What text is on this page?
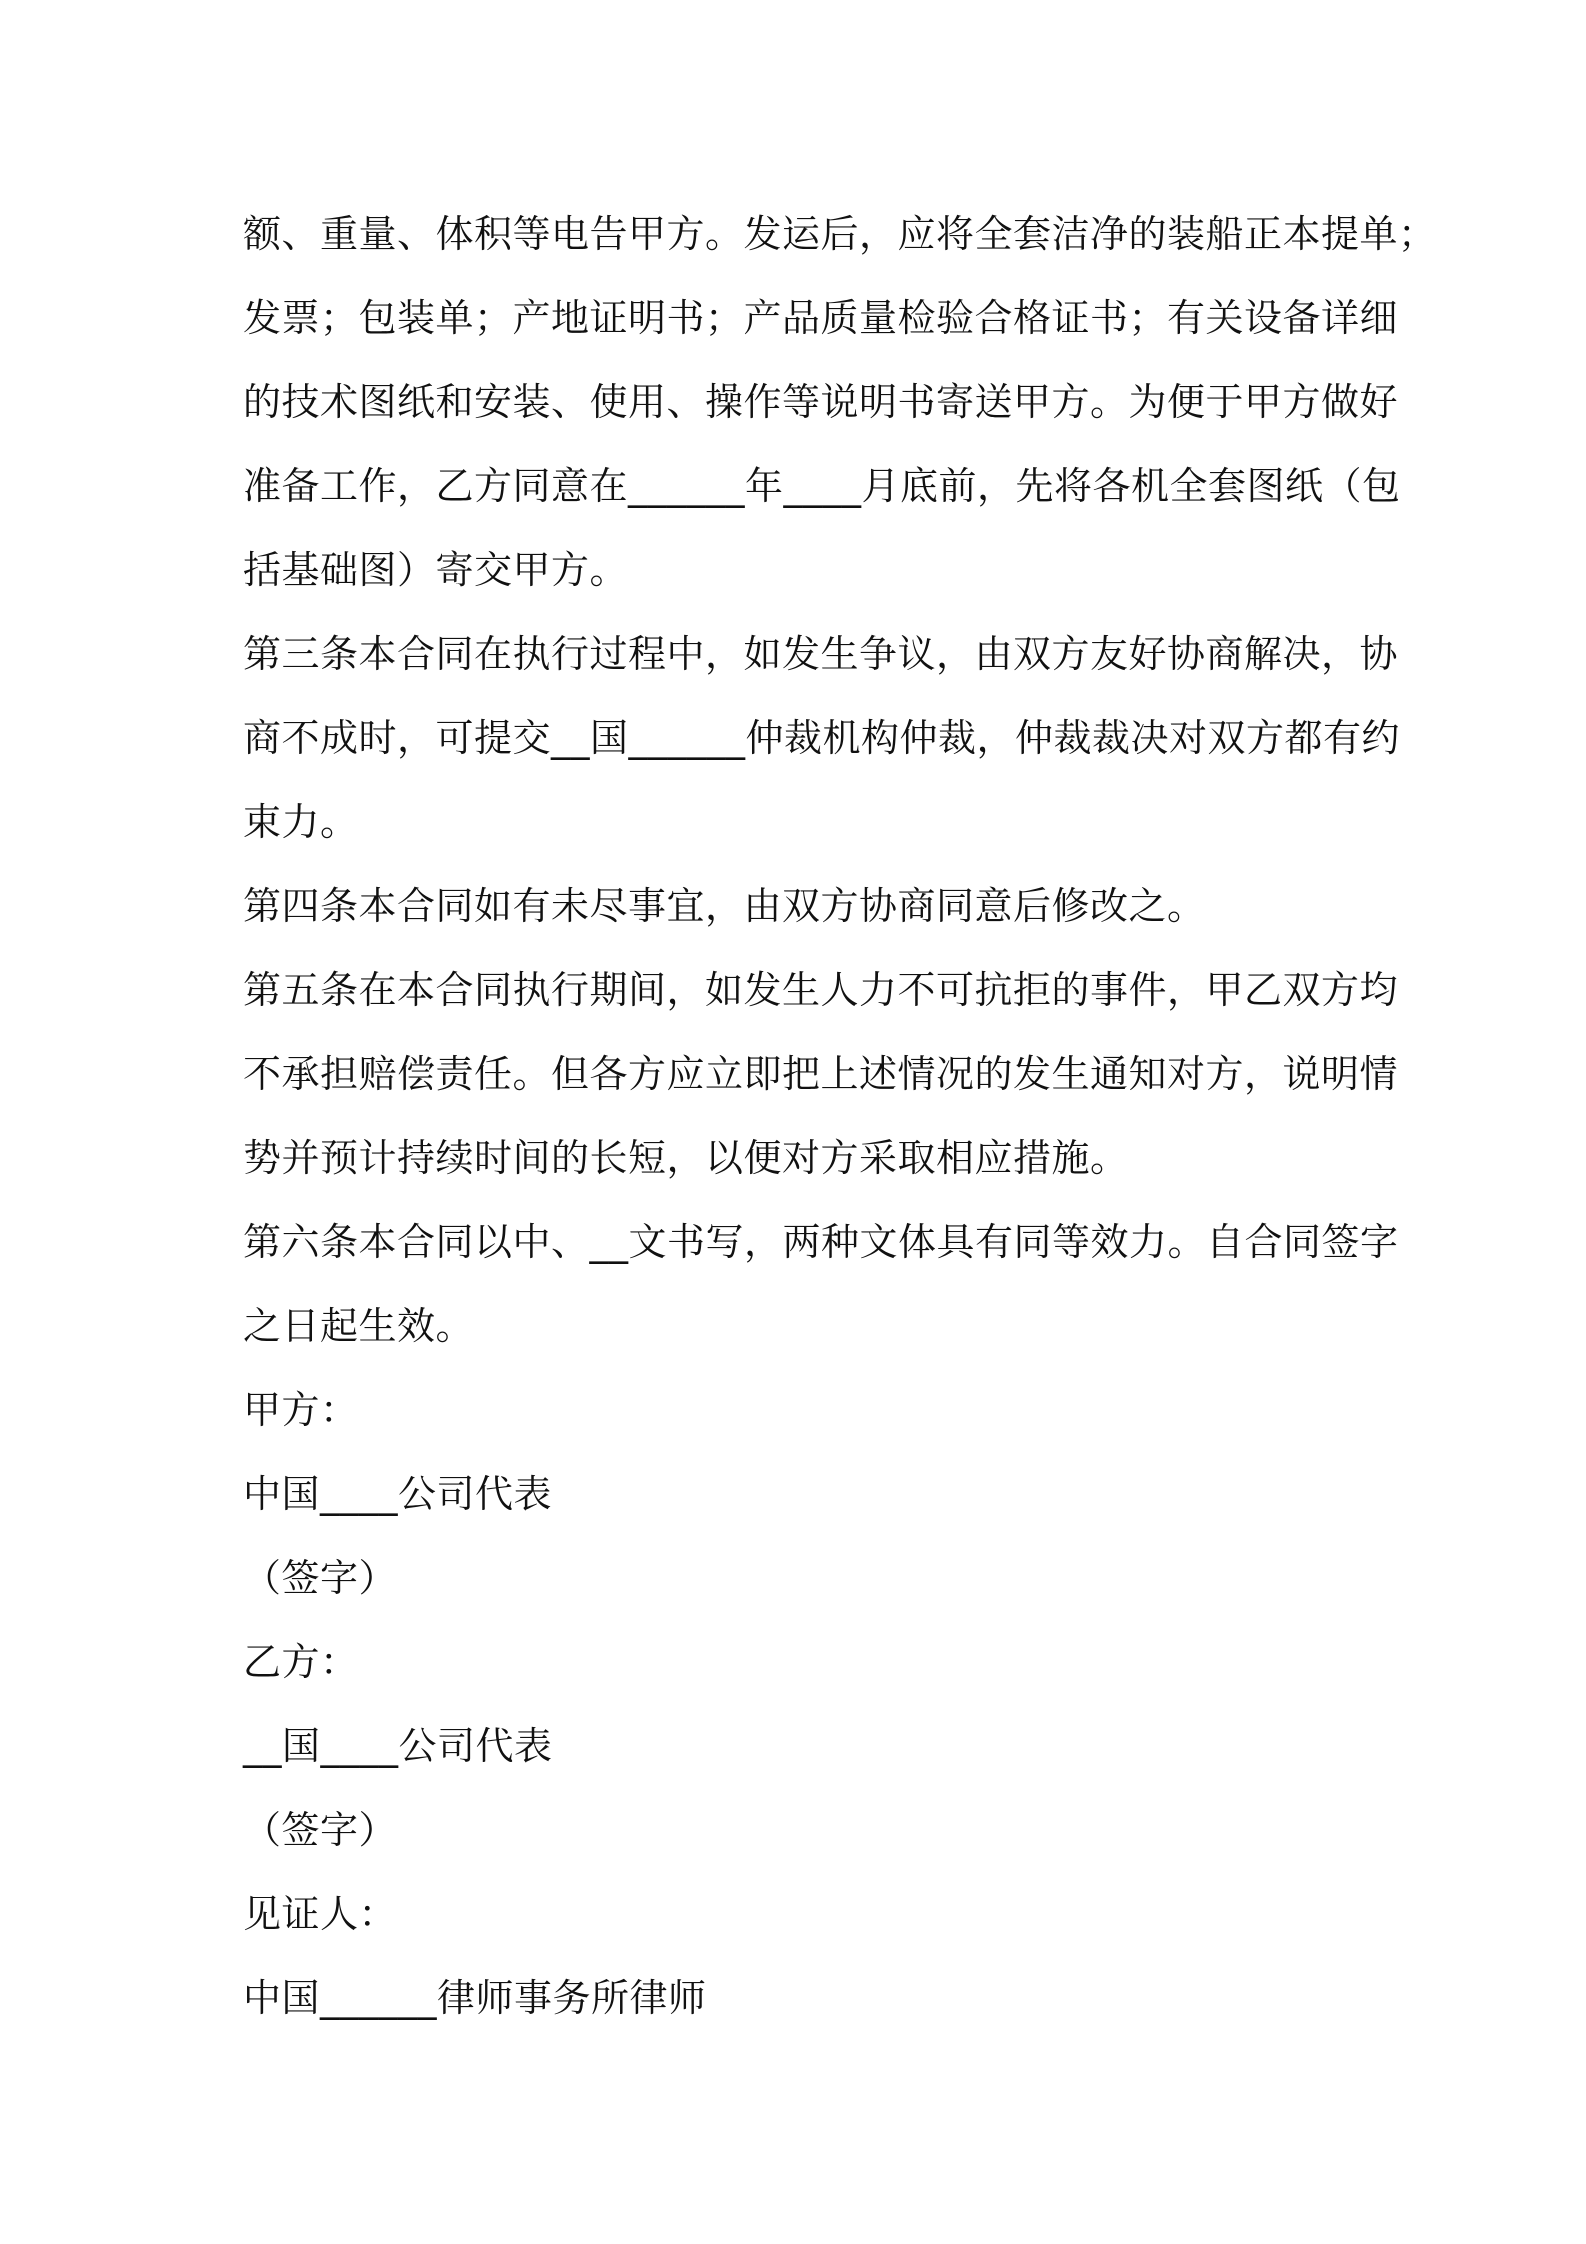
额、重量、体积等电告甲方。发运后，应将全套洁净的装船正本提单；
发票；包装单；产地证明书；产品质量检验合格证书；有关设备详细
的技术图纸和安装、使用、操作等说明书寄送甲方。为便于甲方做好
准备工作，乙方同意在______年____月底前，先将各机全套图纸（包
括基础图）寄交甲方。
第三条本合同在执行过程中，如发生争议，由双方友好协商解决，协
商不成时，可提交__国______仲裁机构仲裁，仲裁裁决对双方都有约
束力。
第四条本合同如有未尽事宜，由双方协商同意后修改之。
第五条在本合同执行期间，如发生人力不可抗拒的事件，甲乙双方均
不承担赔偿责任。但各方应立即把上述情况的发生通知对方，说明情
势并预计持续时间的长短，以便对方采取相应措施。
第六条本合同以中、__文书写，两种文体具有同等效力。自合同签字
之日起生效。
甲方：
中国____公司代表
（签字）
乙方：
__国____公司代表
（签字）
见证人：
中国______律师事务所律师
